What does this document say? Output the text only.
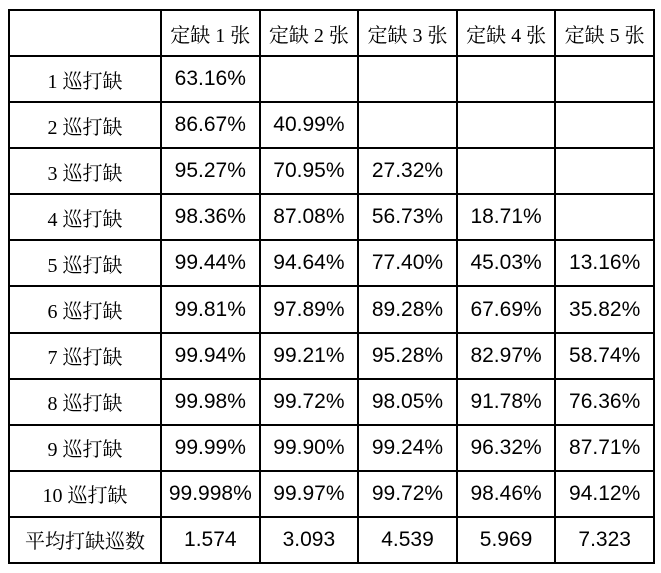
	定缺 1 张	定缺 2 张	定缺 3 张	定缺 4 张	定缺 5 张
1 巡打缺	63.16%				
2 巡打缺	86.67%	40.99%			
3 巡打缺	95.27%	70.95%	27.32%		
4 巡打缺	98.36%	87.08%	56.73%	18.71%	
5 巡打缺	99.44%	94.64%	77.40%	45.03%	13.16%
6 巡打缺	99.81%	97.89%	89.28%	67.69%	35.82%
7 巡打缺	99.94%	99.21%	95.28%	82.97%	58.74%
8 巡打缺	99.98%	99.72%	98.05%	91.78%	76.36%
9 巡打缺	99.99%	99.90%	99.24%	96.32%	87.71%
10 巡打缺	99.998%	99.97%	99.72%	98.46%	94.12%
平均打缺巡数	1.574	3.093	4.539	5.969	7.323
